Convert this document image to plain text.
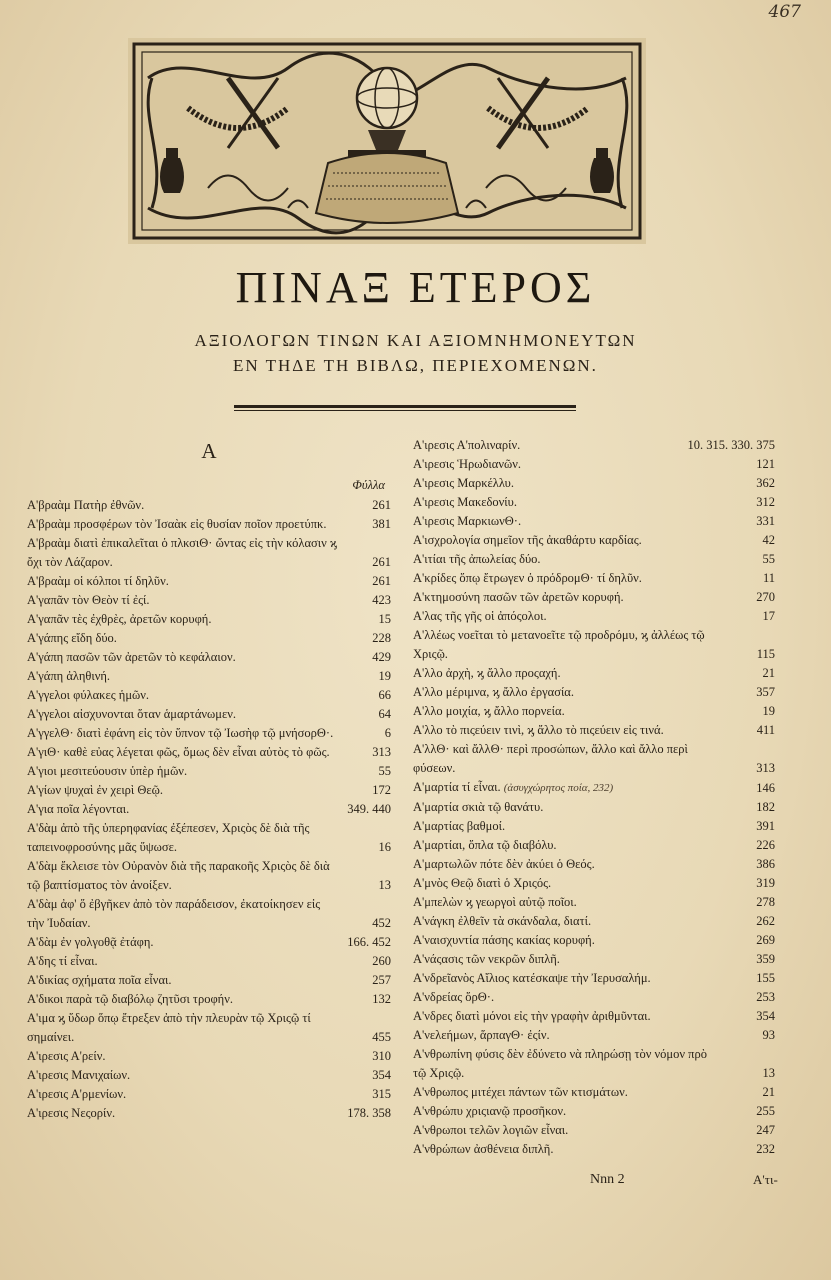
467
ΠΙΝΑΞ ΕΤΕΡΟΣ
ΑΞΙΟΛΟΓΩΝ ΤΙΝΩΝ ΚΑΙ ΑΞΙΟΜΝΗΜΟΝΕΥΤΩΝ
ΕΝ ΤΗΔΕ ΤΗ ΒΙΒΛΩ, ΠΕΡΙΕΧΟΜΕΝΩΝ.
Α
Φύλλα
Α'βραὰμ Πατὴρ ἐθνῶν.	261
Α'βραὰμ προσφέρων τὸν Ἰσαὰκ εἰς θυσίαν ποῖον προετύπκ.	381
Α'βραὰμ διατὶ ἐπικαλεῖται ὁ πλκσιΘ· ὤντας εἰς τὴν κόλασιν ϗ ὄχι τὸν Λάζαρον.	261
Α'βραὰμ οἱ κόλποι τί δηλῦν.	261
Α'γαπᾶν τὸν Θεὸν τί ἐςί.	423
Α'γαπᾶν τὲς ἐχθρὲς, ἀρετῶν κορυφή.	15
Α'γάπης εἴδη δύο.	228
Α'γάπη πασῶν τῶν ἀρετῶν τὸ κεφάλαιον.	429
Α'γάπη ἀληθινή.	19
Α'γγελοι φύλακες ἡμῶν.	66
Α'γγελοι αἰσχυνονται ὅταν ἁμαρτάνωμεν.	64
Α'γγελΘ· διατὶ ἐφάνη εἰς τὸν ὕπνον τῷ Ἰωσὴφ τῷ μνήσορΘ·.	6
Α'γιΘ· καθὲ εὐας λέγεται φῶς, ὅμως δὲν εἶναι αὐτὸς τὸ φῶς.	313
Α'γιοι μεσιτεύουσιν ὑπὲρ ἡμῶν.	55
Α'γίων ψυχαὶ ἐν χειρὶ Θεῷ.	172
Α'για ποῖα λέγονται.	349. 440
Α'δὰμ ἀπὸ τῆς ὑπερηφανίας ἐξέπεσεν, Χριςὸς δὲ διὰ τῆς ταπεινοφροσύνης μᾶς ὕψωσε.	16
Α'δὰμ ἔκλεισε τὸν Οὐρανὸν διὰ τῆς παρακοῆς Χριςὸς δὲ διὰ τῷ βαπτίσματος τὸν ἀνοίξεν.	13
Α'δὰμ ἀφ' ὅ ἐβγῆκεν ἀπὸ τὸν παράδεισον, ἐκατοίκησεν εἰς τὴν Ἰυδαίαν.	452
Α'δὰμ ἐν γολγοθᾷ ἐτάφη.	166. 452
Α'δης τί εἶναι.	260
Α'δικίας σχήματα ποῖα εἶναι.	257
Α'δικοι παρὰ τῷ διαβόλῳ ζητῦσι τροφήν.	132
Α'ιμα ϗ ὕδωρ ὅπῳ ἔτρεξεν ἀπὸ τὴν πλευρὰν τῷ Χριςῷ τί σημαίνει.	455
Α'ιρεσις Α'ρείν.	310
Α'ιρεσις Μανιχαίων.	354
Α'ιρεσις Α'ρμενίων.	315
Α'ιρεσις Νεςορίν.	178. 358
Α'ιρεσις Α'πολιναρίν.	10. 315. 330. 375
Α'ιρεσις Ἡρωδιανῶν.	121
Α'ιρεσις Μαρκέλλυ.	362
Α'ιρεσις Μακεδονίυ.	312
Α'ιρεσις ΜαρκιωνΘ·.	331
Α'ισχρολογία σημεῖον τῆς ἀκαθάρτυ καρδίας.	42
Α'ιτίαι τῆς ἀπωλείας δύο.	55
Α'κρίδες ὅπῳ ἔτρωγεν ὁ πρόδρομΘ· τί δηλῦν.	11
Α'κτημοσύνη πασῶν τῶν ἀρετῶν κορυφή.	270
Α'λας τῆς γῆς οἱ ἀπόςολοι.	17
Α'λλέως νοεῖται τὸ μετανοεῖτε τῷ προδρόμυ, ϗ ἀλλέως τῷ Χριςῷ.	115
Α'λλο ἀρχὴ, ϗ ἄλλο προςαχή.	21
Α'λλο μέριμνα, ϗ ἄλλο ἐργασία.	357
Α'λλο μοιχία, ϗ ἄλλο πορνεία.	19
Α'λλο τὸ πιςεύειν τινὶ, ϗ ἄλλο τὸ πιςεύειν εἰς τινά.	411
Α'λλΘ· καὶ ἄλλΘ· περὶ προσώπων, ἄλλο καὶ ἄλλο περὶ φύσεων.	313
Α'μαρτία τί εἶναι. (ἀσυγχώρητος ποία, 232)	146
Α'μαρτία σκιὰ τῷ θανάτυ.	182
Α'μαρτίας βαθμοί.	391
Α'μαρτίαι, ὅπλα τῷ διαβόλυ.	226
Α'μαρτωλῶν πότε δὲν ἀκύει ὁ Θεός.	386
Α'μνὸς Θεῷ διατὶ ὁ Χριςός.	319
Α'μπελὼν ϗ γεωργοὶ αὐτῷ ποῖοι.	278
Α'νάγκη ἐλθεῖν τὰ σκάνδαλα, διατί.	262
Α'ναισχυντία πάσης κακίας κορυφή.	269
Α'νάςασις τῶν νεκρῶν διπλῆ.	359
Α'νδρεῖανὸς Αἴλιος κατέσκαψε τὴν Ἰερυσαλήμ.	155
Α'νδρείας ὅρΘ·.	253
Α'νδρες διατὶ μόνοι εἰς τὴν γραφὴν ἀριθμῦνται.	354
Α'νελεήμων, ἅρπαγΘ· ἐςίν.	93
Α'νθρωπίνη φύσις δὲν ἐδύνετο νὰ πληρώσῃ τὸν νόμον πρὸ τῷ Χριςῷ.	13
Α'νθρωπος μιτέχει πάντων τῶν κτισμάτων.	21
Α'νθρώπυ χριςιανῷ προσῆκον.	255
Α'νθρωποι τελῶν λογιῶν εἶναι.	247
Α'νθρώπων ἀσθένεια διπλῆ.	232
Nnn 2	Α'τι-
